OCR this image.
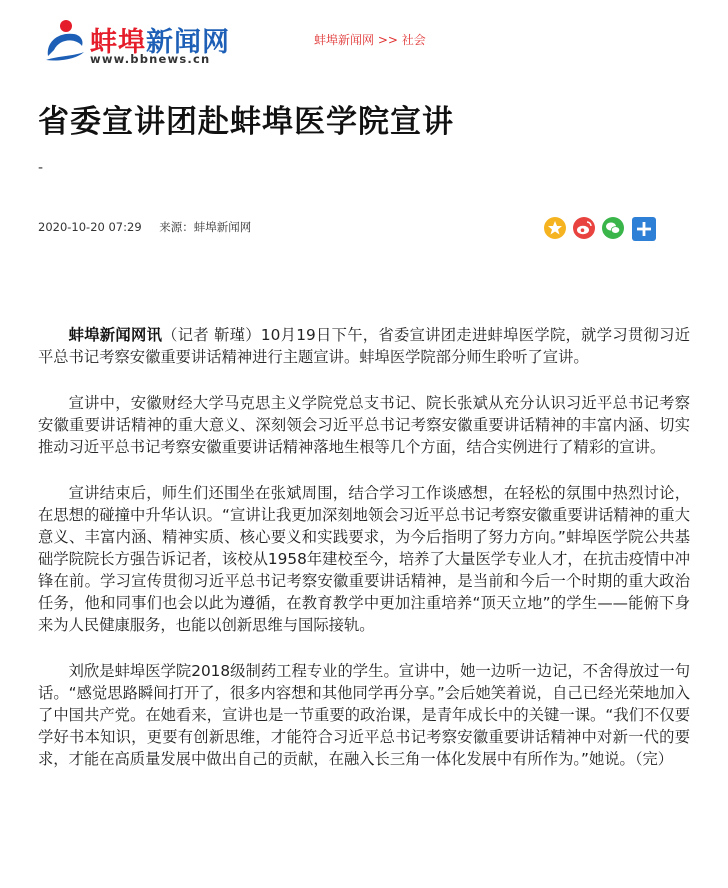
蚌埠新闻网
www.bbnews.cn
蚌埠新闻网 >> 社会
省委宣讲团赴蚌埠医学院宣讲
-
2020-10-20 07:29 来源：蚌埠新闻网

蚌埠新闻网讯（记者 靳瑾）10月19日下午，省委宣讲团走进蚌埠医学院，就学习贯彻习近平总书记考察安徽重要讲话精神进行主题宣讲。蚌埠医学院部分师生聆听了宣讲。

宣讲中，安徽财经大学马克思主义学院党总支书记、院长张斌从充分认识习近平总书记考察安徽重要讲话精神的重大意义、深刻领会习近平总书记考察安徽重要讲话精神的丰富内涵、切实推动习近平总书记考察安徽重要讲话精神落地生根等几个方面，结合实例进行了精彩的宣讲。

宣讲结束后，师生们还围坐在张斌周围，结合学习工作谈感想，在轻松的氛围中热烈讨论，在思想的碰撞中升华认识。“宣讲让我更加深刻地领会习近平总书记考察安徽重要讲话精神的重大意义、丰富内涵、精神实质、核心要义和实践要求，为今后指明了努力方向。”蚌埠医学院公共基础学院院长方强告诉记者，该校从1958年建校至今，培养了大量医学专业人才，在抗击疫情中冲锋在前。学习宣传贯彻习近平总书记考察安徽重要讲话精神，是当前和今后一个时期的重大政治任务，他和同事们也会以此为遵循，在教育教学中更加注重培养“顶天立地”的学生——能俯下身来为人民健康服务，也能以创新思维与国际接轨。

刘欣是蚌埠医学院2018级制药工程专业的学生。宣讲中，她一边听一边记，不舍得放过一句话。“感觉思路瞬间打开了，很多内容想和其他同学再分享。”会后她笑着说，自己已经光荣地加入了中国共产党。在她看来，宣讲也是一节重要的政治课，是青年成长中的关键一课。“我们不仅要学好书本知识，更要有创新思维，才能符合习近平总书记考察安徽重要讲话精神中对新一代的要求，才能在高质量发展中做出自己的贡献，在融入长三角一体化发展中有所作为。”她说。（完）
